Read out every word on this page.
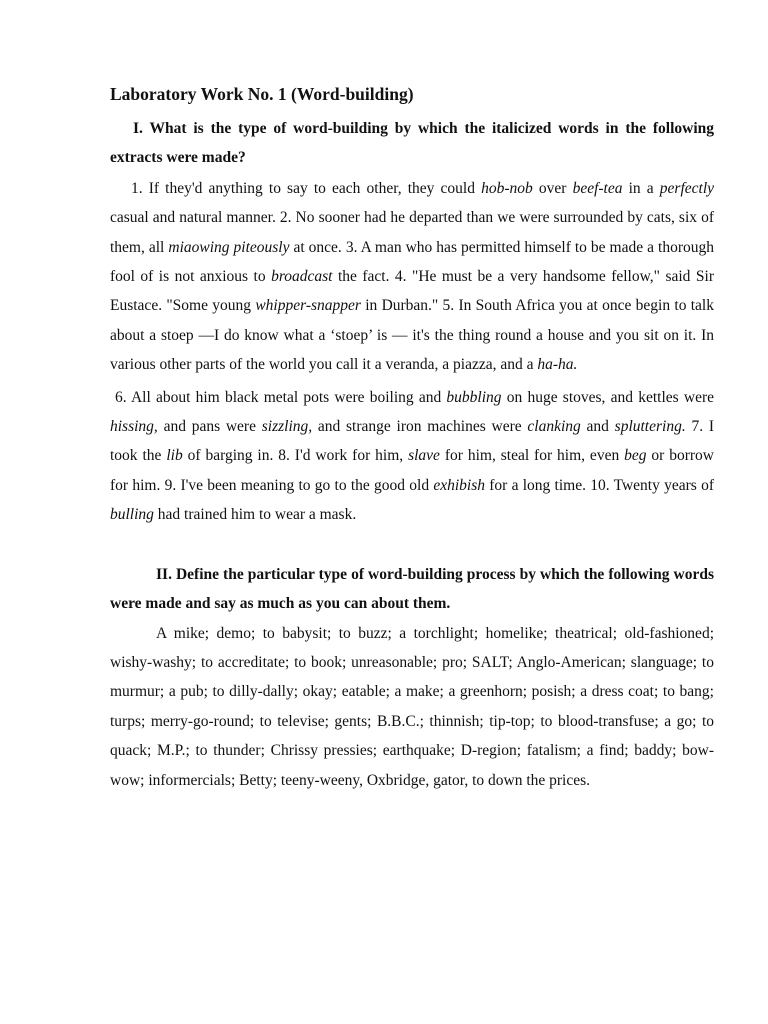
Laboratory Work No. 1 (Word-building)

I. What is the type of word-building by which the italicized words in the following extracts were made?

1. If they'd anything to say to each other, they could hob-nob over beef-tea in a perfectly casual and natural manner. 2. No sooner had he departed than we were surrounded by cats, six of them, all miaowing piteously at once. 3. A man who has permitted himself to be made a thorough fool of is not anxious to broadcast the fact. 4. "He must be a very handsome fellow," said Sir Eustace. "Some young whipper-snapper in Durban." 5. In South Africa you at once begin to talk about a stoep —I do know what a ‘stoep’ is — it's the thing round a house and you sit on it. In various other parts of the world you call it a veranda, a piazza, and a ha-ha.

6. All about him black metal pots were boiling and bubbling on huge stoves, and kettles were hissing, and pans were sizzling, and strange iron machines were clanking and spluttering. 7. I took the lib of barging in. 8. I'd work for him, slave for him, steal for him, even beg or borrow for him. 9. I've been meaning to go to the good old exhibish for a long time. 10. Twenty years of bulling had trained him to wear a mask.

II. Define the particular type of word-building process by which the following words were made and say as much as you can about them.

A mike; demo; to babysit; to buzz; a torchlight; homelike; theatrical; old-fashioned; wishy-washy; to accreditate; to book; unreasonable; pro; SALT; Anglo-American; slanguage; to murmur; a pub; to dilly-dally; okay; eatable; a make; a greenhorn; posish; a dress coat; to bang; turps; merry-go-round; to televise; gents; B.B.C.; thinnish; tip-top; to blood-transfuse; a go; to quack; M.P.; to thunder; Chrissy pressies; earthquake; D-region; fatalism; a find; baddy; bow-wow; informercials; Betty; teeny-weeny, Oxbridge, gator, to down the prices.
